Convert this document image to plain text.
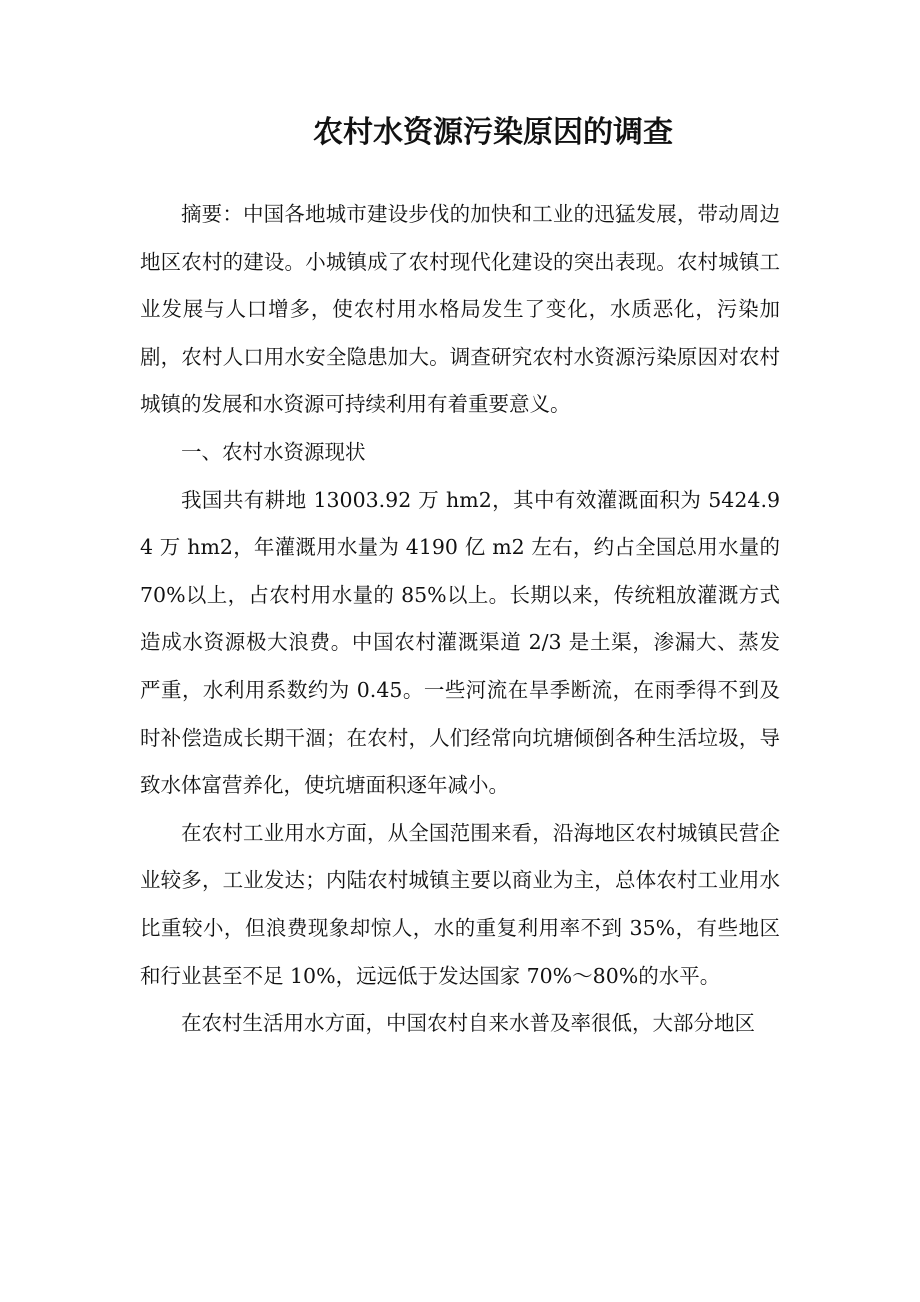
农村水资源污染原因的调查

摘要：中国各地城市建设步伐的加快和工业的迅猛发展，带动周边地区农村的建设。小城镇成了农村现代化建设的突出表现。农村城镇工业发展与人口增多，使农村用水格局发生了变化，水质恶化，污染加剧，农村人口用水安全隐患加大。调查研究农村水资源污染原因对农村城镇的发展和水资源可持续利用有着重要意义。

一、农村水资源现状

我国共有耕地 13003.92 万 hm2，其中有效灌溉面积为 5424.94 万 hm2，年灌溉用水量为 4190 亿 m2 左右，约占全国总用水量的 70%以上，占农村用水量的 85%以上。长期以来，传统粗放灌溉方式造成水资源极大浪费。中国农村灌溉渠道 2/3 是土渠，渗漏大、蒸发严重，水利用系数约为 0.45。一些河流在旱季断流，在雨季得不到及时补偿造成长期干涸；在农村，人们经常向坑塘倾倒各种生活垃圾，导致水体富营养化，使坑塘面积逐年减小。

在农村工业用水方面，从全国范围来看，沿海地区农村城镇民营企业较多，工业发达；内陆农村城镇主要以商业为主，总体农村工业用水比重较小，但浪费现象却惊人，水的重复利用率不到 35%，有些地区和行业甚至不足 10%，远远低于发达国家 70%～80%的水平。

在农村生活用水方面，中国农村自来水普及率很低，大部分地区
